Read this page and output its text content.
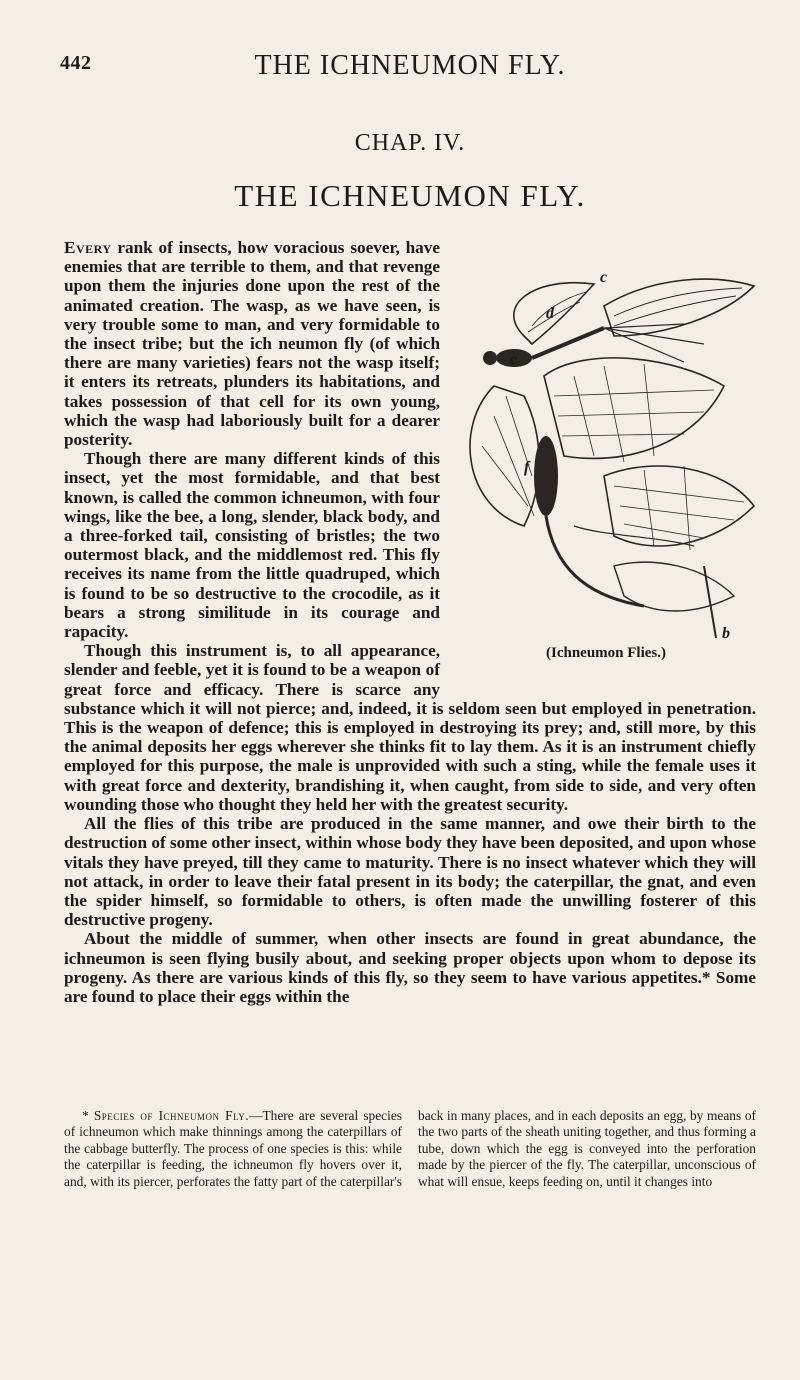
442	THE ICHNEUMON FLY.
CHAP. IV.
THE ICHNEUMON FLY.
c
d
e
f
b
(Ichneumon Flies.)

Every rank of insects, how voracious soever, have enemies that are terrible to them, and that revenge upon them the injuries done upon the rest of the animated creation. The wasp, as we have seen, is very trouble some to man, and very formidable to the insect tribe; but the ich neumon fly (of which there are many varieties) fears not the wasp itself; it enters its retreats, plunders its habitations, and takes possession of that cell for its own young, which the wasp had laboriously built for a dearer posterity.

Though there are many different kinds of this insect, yet the most formidable, and that best known, is called the common ichneumon, with four wings, like the bee, a long, slender, black body, and a three-forked tail, consisting of bristles; the two outermost black, and the middlemost red. This fly receives its name from the little quadruped, which is found to be so destructive to the crocodile, as it bears a strong similitude in its courage and rapacity.

Though this instrument is, to all appearance, slender and feeble, yet it is found to be a weapon of great force and efficacy. There is scarce any substance which it will not pierce; and, indeed, it is seldom seen but employed in penetration. This is the weapon of defence; this is employed in destroying its prey; and, still more, by this the animal deposits her eggs wherever she thinks fit to lay them. As it is an instrument chiefly employed for this purpose, the male is unprovided with such a sting, while the female uses it with great force and dexterity, brandishing it, when caught, from side to side, and very often wounding those who thought they held her with the greatest security.

All the flies of this tribe are produced in the same manner, and owe their birth to the destruction of some other insect, within whose body they have been deposited, and upon whose vitals they have preyed, till they came to maturity. There is no insect whatever which they will not attack, in order to leave their fatal present in its body; the caterpillar, the gnat, and even the spider himself, so formidable to others, is often made the unwilling fosterer of this destructive progeny.

About the middle of summer, when other insects are found in great abundance, the ichneumon is seen flying busily about, and seeking proper objects upon whom to depose its progeny. As there are various kinds of this fly, so they seem to have various appetites.* Some are found to place their eggs within the

* Species of Ichneumon Fly.—There are several species of ichneumon which make thinnings among the caterpillars of the cabbage butterfly. The process of one species is this: while the caterpillar is feeding, the ichneumon fly hovers over it, and, with its piercer, perforates the fatty part of the caterpillar's back in many places, and in each deposits an egg, by means of the two parts of the sheath uniting together, and thus forming a tube, down which the egg is conveyed into the perforation made by the piercer of the fly. The caterpillar, unconscious of what will ensue, keeps feeding on, until it changes into
